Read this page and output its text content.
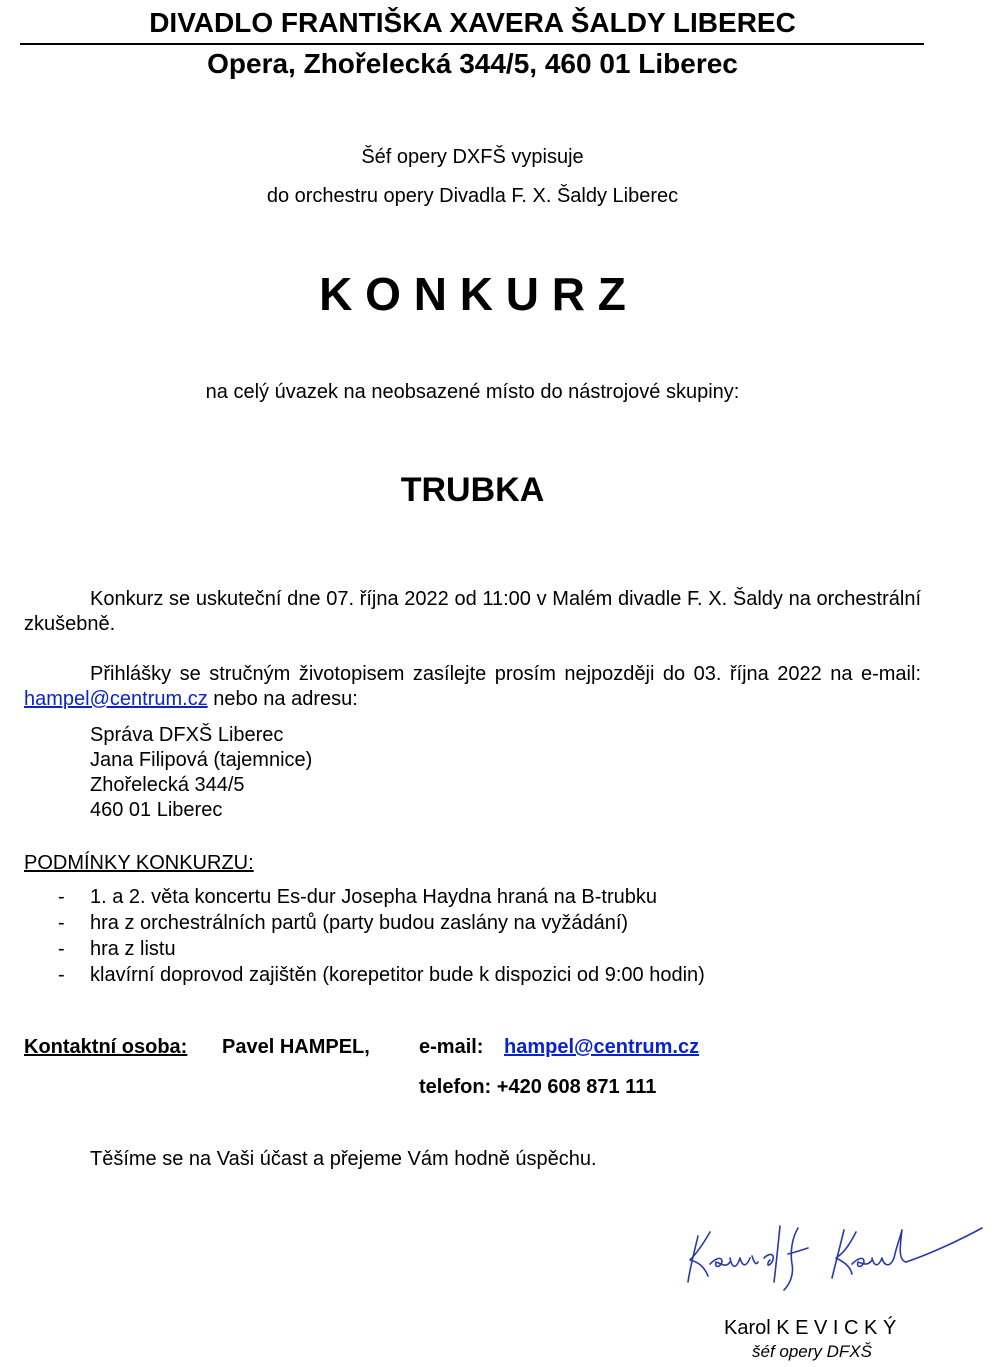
DIVADLO FRANTIŠKA XAVERA ŠALDY LIBEREC
Opera, Zhořelecká 344/5, 460 01 Liberec
Šéf opery DXFŠ vypisuje
do orchestru opery Divadla F. X. Šaldy Liberec
K O N K U R Z
na celý úvazek na neobsazené místo do nástrojové skupiny:
TRUBKA
Konkurz se uskuteční dne 07. října 2022 od 11:00 v Malém divadle F. X. Šaldy na orchestrální zkušebně.
Přihlášky se stručným životopisem zasílejte prosím nejpozději do 03. října 2022 na e-mail: hampel@centrum.cz nebo na adresu:
Správa DFXŠ Liberec
Jana Filipová (tajemnice)
Zhořelecká 344/5
460 01 Liberec
PODMÍNKY KONKURZU:
- 1. a 2. věta koncertu Es-dur Josepha Haydna hraná na B-trubku
- hra z orchestrálních partů (party budou zaslány na vyžádání)
- hra z listu
- klavírní doprovod zajištěn (korepetitor bude k dispozici od 9:00 hodin)
Kontaktní osoba: Pavel HAMPEL, e-mail: hampel@centrum.cz
telefon: +420 608 871 111
Těšíme se na Vaši účast a přejeme Vám hodně úspěchu.
Karol K E V I C K Ý
šéf opery DFXŠ
